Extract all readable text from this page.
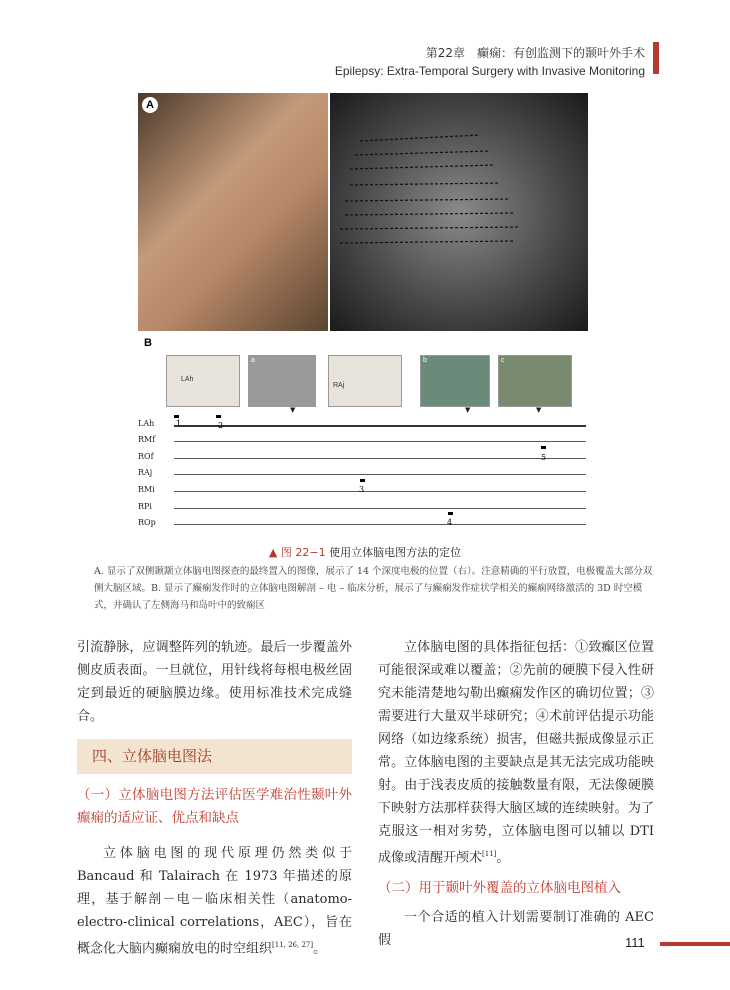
第22章　癫痫：有创监测下的颞叶外手术
Epilepsy: Extra-Temporal Surgery with Invasive Monitoring
A
B
LAh
a
RAj
b	c
▼	▼	▼
LAh
RMf
ROf
RAj
RMi
RPi
ROp
1	2
3
4
5
▲ 图 22−1 使用立体脑电图方法的定位
A. 显示了双侧颞颥立体脑电图探查的最终置入的图像，展示了 14 个深度电极的位置（右）。注意精确的平行放置，电极覆盖大部分双侧大脑区域。B. 显示了癫痫发作时的立体脑电图解剖 – 电 – 临床分析，展示了与癫痫发作症状学相关的癫痫网络激活的 3D 时空模式，并确认了左侧海马和岛叶中的致痫区
引流静脉，应调整阵列的轨迹。最后一步覆盖外侧皮质表面。一旦就位，用针线将每根电极丝固定到最近的硬脑膜边缘。使用标准技术完成缝合。
四、立体脑电图法
（一）立体脑电图方法评估医学难治性颞叶外癫痫的适应证、优点和缺点
立体脑电图的现代原理仍然类似于 Bancaud 和 Talairach 在 1973 年描述的原理，基于解剖－电－临床相关性（anatomo-electro-clinical correlations，AEC），旨在概念化大脑内癫痫放电的时空组织[11, 26, 27]。
立体脑电图的具体指征包括：①致癫区位置可能很深或难以覆盖；②先前的硬膜下侵入性研究未能清楚地勾勒出癫痫发作区的确切位置；③需要进行大量双半球研究；④术前评估提示功能网络（如边缘系统）损害，但磁共振成像显示正常。立体脑电图的主要缺点是其无法完成功能映射。由于浅表皮质的接触数量有限，无法像硬膜下映射方法那样获得大脑区域的连续映射。为了克服这一相对劣势，立体脑电图可以辅以 DTI 成像或清醒开颅术[11]。
（二）用于颞叶外覆盖的立体脑电图植入
一个合适的植入计划需要制订准确的 AEC 假	111
